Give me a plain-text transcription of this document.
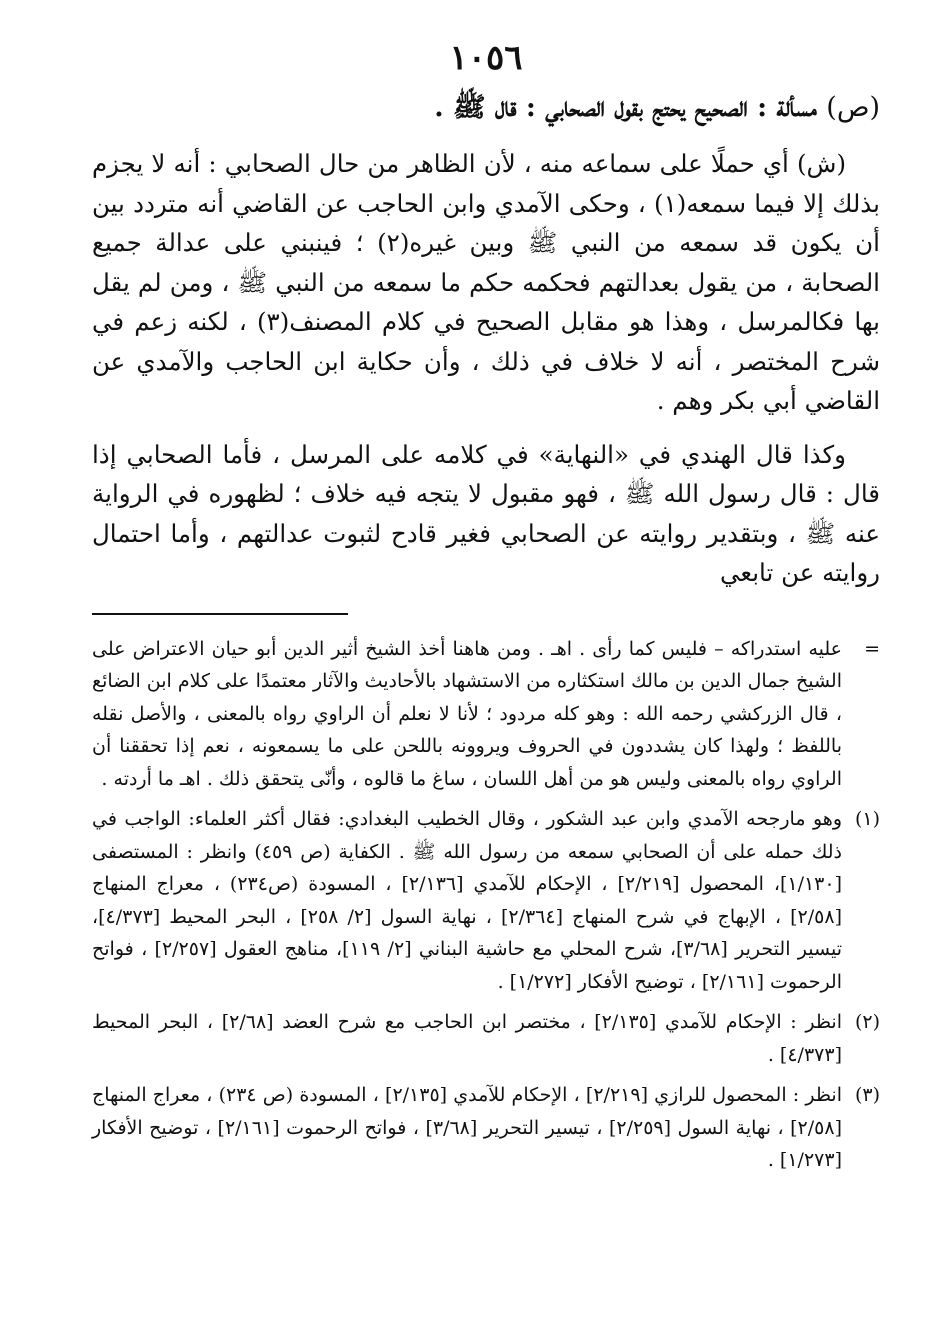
١٠٥٦
(ص) مسألة : الصحيح يحتج بقول الصحابي : قال ﷺ .

(ش) أي حملًا على سماعه منه ، لأن الظاهر من حال الصحابي : أنه لا يجزم بذلك إلا فيما سمعه(١) ، وحكى الآمدي وابن الحاجب عن القاضي أنه متردد بين أن يكون قد سمعه من النبي ﷺ وبين غيره(٢) ؛ فينبني على عدالة جميع الصحابة ، من يقول بعدالتهم فحكمه حكم ما سمعه من النبي ﷺ ، ومن لم يقل بها فكالمرسل ، وهذا هو مقابل الصحيح في كلام المصنف(٣) ، لكنه زعم في شرح المختصر ، أنه لا خلاف في ذلك ، وأن حكاية ابن الحاجب والآمدي عن القاضي أبي بكر وهم .

وكذا قال الهندي في «النهاية» في كلامه على المرسل ، فأما الصحابي إذا قال : قال رسول الله ﷺ ، فهو مقبول لا يتجه فيه خلاف ؛ لظهوره في الرواية عنه ﷺ ، وبتقدير روايته عن الصحابي فغير قادح لثبوت عدالتهم ، وأما احتمال روايته عن تابعي

=
عليه استدراكه – فليس كما رأى . اهـ . ومن هاهنا أخذ الشيخ أثير الدين أبو حيان الاعتراض على الشيخ جمال الدين بن مالك استكثاره من الاستشهاد بالأحاديث والآثار معتمدًا على كلام ابن الضائع ، قال الزركشي رحمه الله : وهو كله مردود ؛ لأنا لا نعلم أن الراوي رواه بالمعنى ، والأصل نقله باللفظ ؛ ولهذا كان يشددون في الحروف ويروونه باللحن على ما يسمعونه ، نعم إذا تحققنا أن الراوي رواه بالمعنى وليس هو من أهل اللسان ، ساغ ما قالوه ، وأنّى يتحقق ذلك . اهـ ما أردته .
(١)
وهو مارجحه الآمدي وابن عبد الشكور ، وقال الخطيب البغدادي: فقال أكثر العلماء: الواجب في ذلك حمله على أن الصحابي سمعه من رسول الله ﷺ . الكفاية (ص ٤٥٩) وانظر : المستصفى [١/١٣٠]، المحصول [٢/٢١٩] ، الإحكام للآمدي [٢/١٣٦] ، المسودة (ص٢٣٤) ، معراج المنهاج [٢/٥٨] ، الإبهاج في شرح المنهاج [٢/٣٦٤] ، نهاية السول [٢/ ٢٥٨] ، البحر المحيط [٤/٣٧٣]، تيسير التحرير [٣/٦٨]، شرح المحلي مع حاشية البناني [٢/ ١١٩]، مناهج العقول [٢/٢٥٧] ، فواتح الرحموت [٢/١٦١] ، توضيح الأفكار [١/٢٧٢] .
(٢)
انظر : الإحكام للآمدي [٢/١٣٥] ، مختصر ابن الحاجب مع شرح العضد [٢/٦٨] ، البحر المحيط [٤/٣٧٣] .
(٣)
انظر : المحصول للرازي [٢/٢١٩] ، الإحكام للآمدي [٢/١٣٥] ، المسودة (ص ٢٣٤) ، معراج المنهاج [٢/٥٨] ، نهاية السول [٢/٢٥٩] ، تيسير التحرير [٣/٦٨] ، فواتح الرحموت [٢/١٦١] ، توضيح الأفكار [١/٢٧٣] .
